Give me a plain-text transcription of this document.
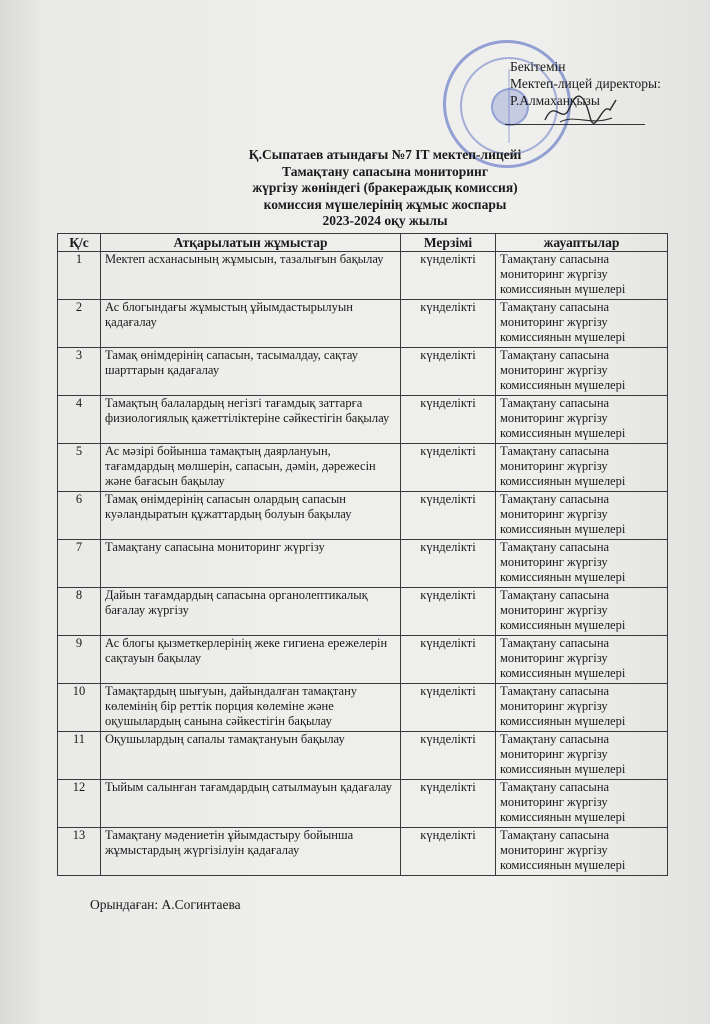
Бекітемін
Мектеп-лицей директоры:
Р.Алмаханқызы
Қ.Сыпатаев атындағы №7 IT мектеп-лицейі
Тамақтану сапасына мониторинг
жүргізу жөніндегі (бракераждық комиссия)
комиссия мүшелерінің жұмыс жоспары
2023-2024 оқу жылы
Қ/с	Атқарылатын жұмыстар	Мерзімі	жауаптылар
1	Мектеп асханасының жұмысын, тазалығын бақылау	күнделікті	Тамақтану сапасына мониторинг жүргізу комиссиянын мүшелері
2	Ас блогындағы жұмыстың ұйымдастырылуын қадағалау	күнделікті	Тамақтану сапасына мониторинг жүргізу комиссиянын мүшелері
3	Тамақ өнімдерінің сапасын, тасымалдау, сақтау шарттарын қадағалау	күнделікті	Тамақтану сапасына мониторинг жүргізу комиссиянын мүшелері
4	Тамақтың балалардың негізгі тағамдық заттарға физиологиялық қажеттіліктеріне сәйкестігін бақылау	күнделікті	Тамақтану сапасына мониторинг жүргізу комиссиянын мүшелері
5	Ас мәзірі бойынша тамақтың даярлануын, тағамдардың мөлшерін, сапасын, дәмін, дәрежесін және бағасын бақылау	күнделікті	Тамақтану сапасына мониторинг жүргізу комиссиянын мүшелері
6	Тамақ өнімдерінің сапасын олардың сапасын куәландыратын құжаттардың болуын бақылау	күнделікті	Тамақтану сапасына мониторинг жүргізу комиссиянын мүшелері
7	Тамақтану сапасына мониторинг жүргізу	күнделікті	Тамақтану сапасына мониторинг жүргізу комиссиянын мүшелері
8	Дайын тағамдардың сапасына органолептикалық бағалау жүргізу	күнделікті	Тамақтану сапасына мониторинг жүргізу комиссиянын мүшелері
9	Ас блогы қызметкерлерінің жеке гигиена ережелерін сақтауын бақылау	күнделікті	Тамақтану сапасына мониторинг жүргізу комиссиянын мүшелері
10	Тамақтардың шығуын, дайындалған тамақтану көлемінің бір реттік порция көлеміне және оқушылардың санына сәйкестігін бақылау	күнделікті	Тамақтану сапасына мониторинг жүргізу комиссиянын мүшелері
11	Оқушылардың сапалы тамақтануын бақылау	күнделікті	Тамақтану сапасына мониторинг жүргізу комиссиянын мүшелері
12	Тыйым салынған тағамдардың сатылмауын қадағалау	күнделікті	Тамақтану сапасына мониторинг жүргізу комиссиянын мүшелері
13	Тамақтану мәдениетін ұйымдастыру бойынша жұмыстардың жүргізілуін қадағалау	күнделікті	Тамақтану сапасына мониторинг жүргізу комиссиянын мүшелері
Орындаған: А.Согинтаева
